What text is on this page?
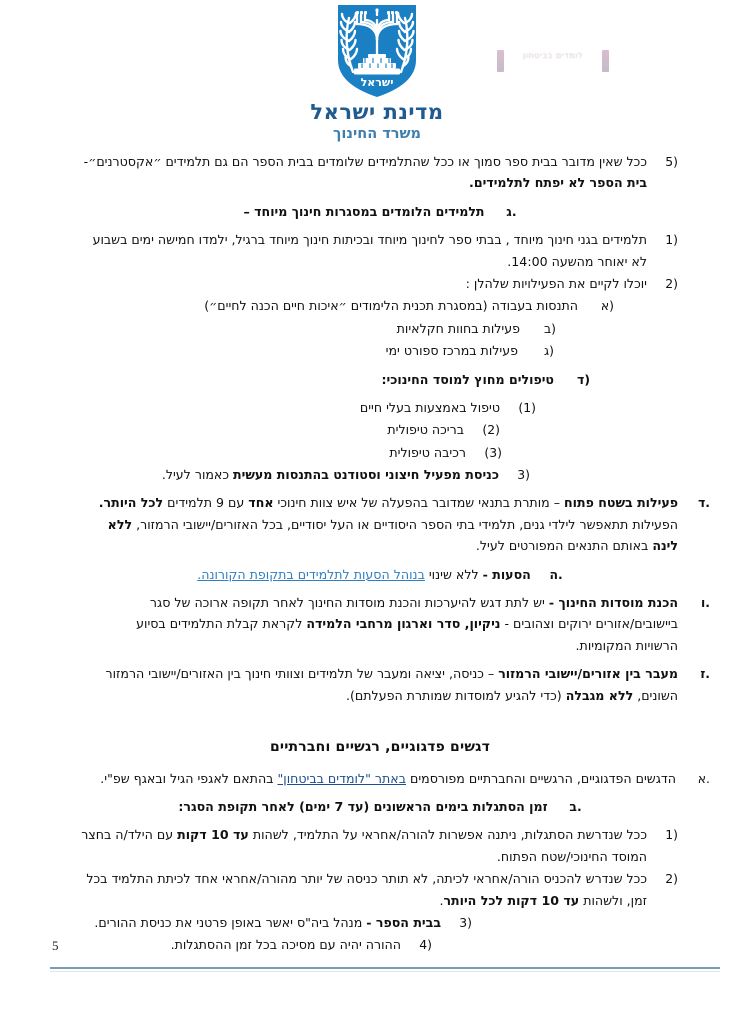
ישראל
מדינת ישראל
משרד החינוך
לומדים בביטחון
(5
ככל שאין מדובר בבית ספר סמוך או ככל שהתלמידים שלומדים בבית הספר הם גם תלמידים ״אקסטרנים״-
בית הספר לא יפתח לתלמידים.
.ג
תלמידים הלומדים במסגרות חינוך מיוחד –
(1
תלמידים בגני חינוך מיוחד , בבתי ספר לחינוך מיוחד ובכיתות חינוך מיוחד ברגיל, ילמדו חמישה ימים בשבוע
לא יאוחר מהשעה 14:00.
(2
יוכלו לקיים את הפעילויות שלהלן :
(א
התנסות בעבודה (במסגרת תכנית הלימודים ״איכות חיים הכנה לחיים״)
(ב
פעילות בחוות חקלאיות
(ג
פעילות במרכז ספורט ימי
(ד
טיפולים מחוץ למוסד החינוכי:
(1)
טיפול באמצעות בעלי חיים
(2)
בריכה טיפולית
(3)
רכיבה טיפולית
(3
כניסת מפעיל חיצוני וסטודנט בהתנסות מעשית כאמור לעיל.
.ד
פעילות בשטח פתוח – מותרת בתנאי שמדובר בהפעלה של איש צוות חינוכי אחד עם 9 תלמידים לכל היותר.
הפעילות תתאפשר לילדי גנים, תלמידי בתי הספר היסודיים או העל יסודיים, בכל האזורים/יישובי הרמזור, ללא
לינה באותם התנאים המפורטים לעיל.
.ה
הסעות - ללא שינוי בנוהל הסעות לתלמידים בתקופת הקורונה.
.ו
הכנת מוסדות החינוך - יש לתת דגש להיערכות והכנת מוסדות החינוך לאחר תקופה ארוכה של סגר
ביישובים/אזורים ירוקים וצהובים - ניקיון, סדר וארגון מרחבי הלמידה לקראת קבלת התלמידים בסיוע
הרשויות המקומיות.
.ז
מעבר בין אזורים/יישובי הרמזור – כניסה, יציאה ומעבר של תלמידים וצוותי חינוך בין האזורים/יישובי הרמזור
השונים, ללא מגבלה (כדי להגיע למוסדות שמותרת הפעלתם).
דגשים פדגוגיים, רגשיים וחברתיים
.א
הדגשים הפדגוגיים, הרגשיים והחברתיים מפורסמים באתר "לומדים בביטחון" בהתאם לאגפי הגיל ובאגף שפ"י.
.ב
זמן הסתגלות בימים הראשונים (עד 7 ימים) לאחר תקופת הסגר:
(1
ככל שנדרשת הסתגלות, ניתנה אפשרות להורה/אחראי על התלמיד, לשהות עד 10 דקות עם הילד/ה בחצר
המוסד החינוכי/שטח הפתוח.
(2
ככל שנדרש להכניס הורה/אחראי לכיתה, לא תותר כניסה של יותר מהורה/אחראי אחד לכיתת התלמיד בכל
זמן, ולשהות עד 10 דקות לכל היותר.
(3
בבית הספר - מנהל ביה"ס יאשר באופן פרטני את כניסת ההורים.
(4
ההורה יהיה עם מסיכה בכל זמן ההסתגלות.
5
